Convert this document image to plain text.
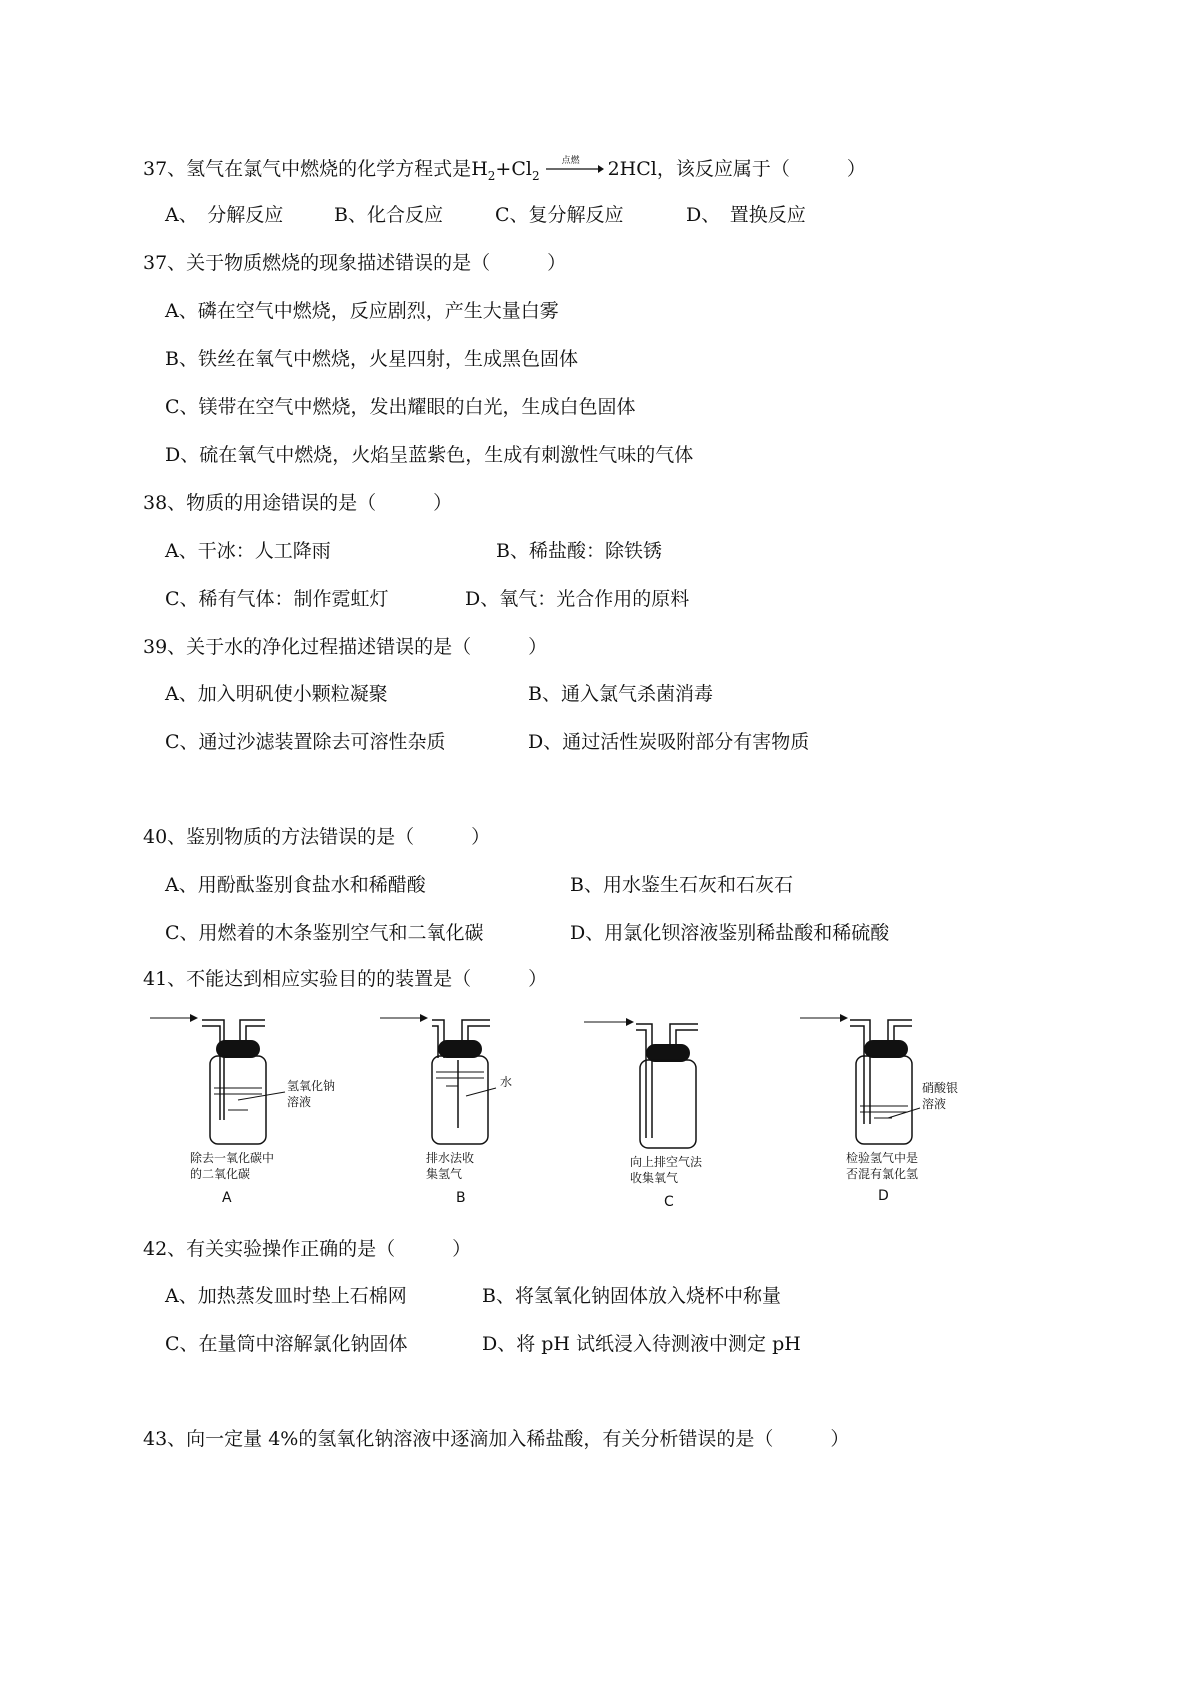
37、氢气在氯气中燃烧的化学方程式是$H_2+Cl_2$
点燃 2HCl，该反应属于（　　　）
A、　分解反应	B、化合反应	C、复分解反应	D、　置换反应
37、关于物质燃烧的现象描述错误的是（　　　）
A、磷在空气中燃烧，反应剧烈，产生大量白雾
B、铁丝在氧气中燃烧，火星四射，生成黑色固体
C、镁带在空气中燃烧，发出耀眼的白光，生成白色固体
D、硫在氧气中燃烧，火焰呈蓝紫色，生成有刺激性气味的气体
38、物质的用途错误的是（　　　）
A、干冰：人工降雨	B、稀盐酸：除铁锈
C、稀有气体：制作霓虹灯	D、氧气：光合作用的原料
39、关于水的净化过程描述错误的是（　　　）
A、加入明矾使小颗粒凝聚	B、通入氯气杀菌消毒
C、通过沙滤装置除去可溶性杂质	D、通过活性炭吸附部分有害物质
40、鉴别物质的方法错误的是（　　　）
A、用酚酞鉴别食盐水和稀醋酸	B、用水鉴生石灰和石灰石
C、用燃着的木条鉴别空气和二氧化碳	D、用氯化钡溶液鉴别稀盐酸和稀硫酸
41、不能达到相应实验目的的装置是（　　　）
氢氧化钠
溶液
除去一氧化碳中
的二氧化碳
A
水
排水法收
集氢气
B
向上排空气法
收集氧气
C
硝酸银
溶液
检验氢气中是
否混有氯化氢
D
42、有关实验操作正确的是（　　　）
A、加热蒸发皿时垫上石棉网	B、将氢氧化钠固体放入烧杯中称量
C、在量筒中溶解氯化钠固体	D、将 pH 试纸浸入待测液中测定 pH
43、向一定量 4%的氢氧化钠溶液中逐滴加入稀盐酸，有关分析错误的是（　　　）
